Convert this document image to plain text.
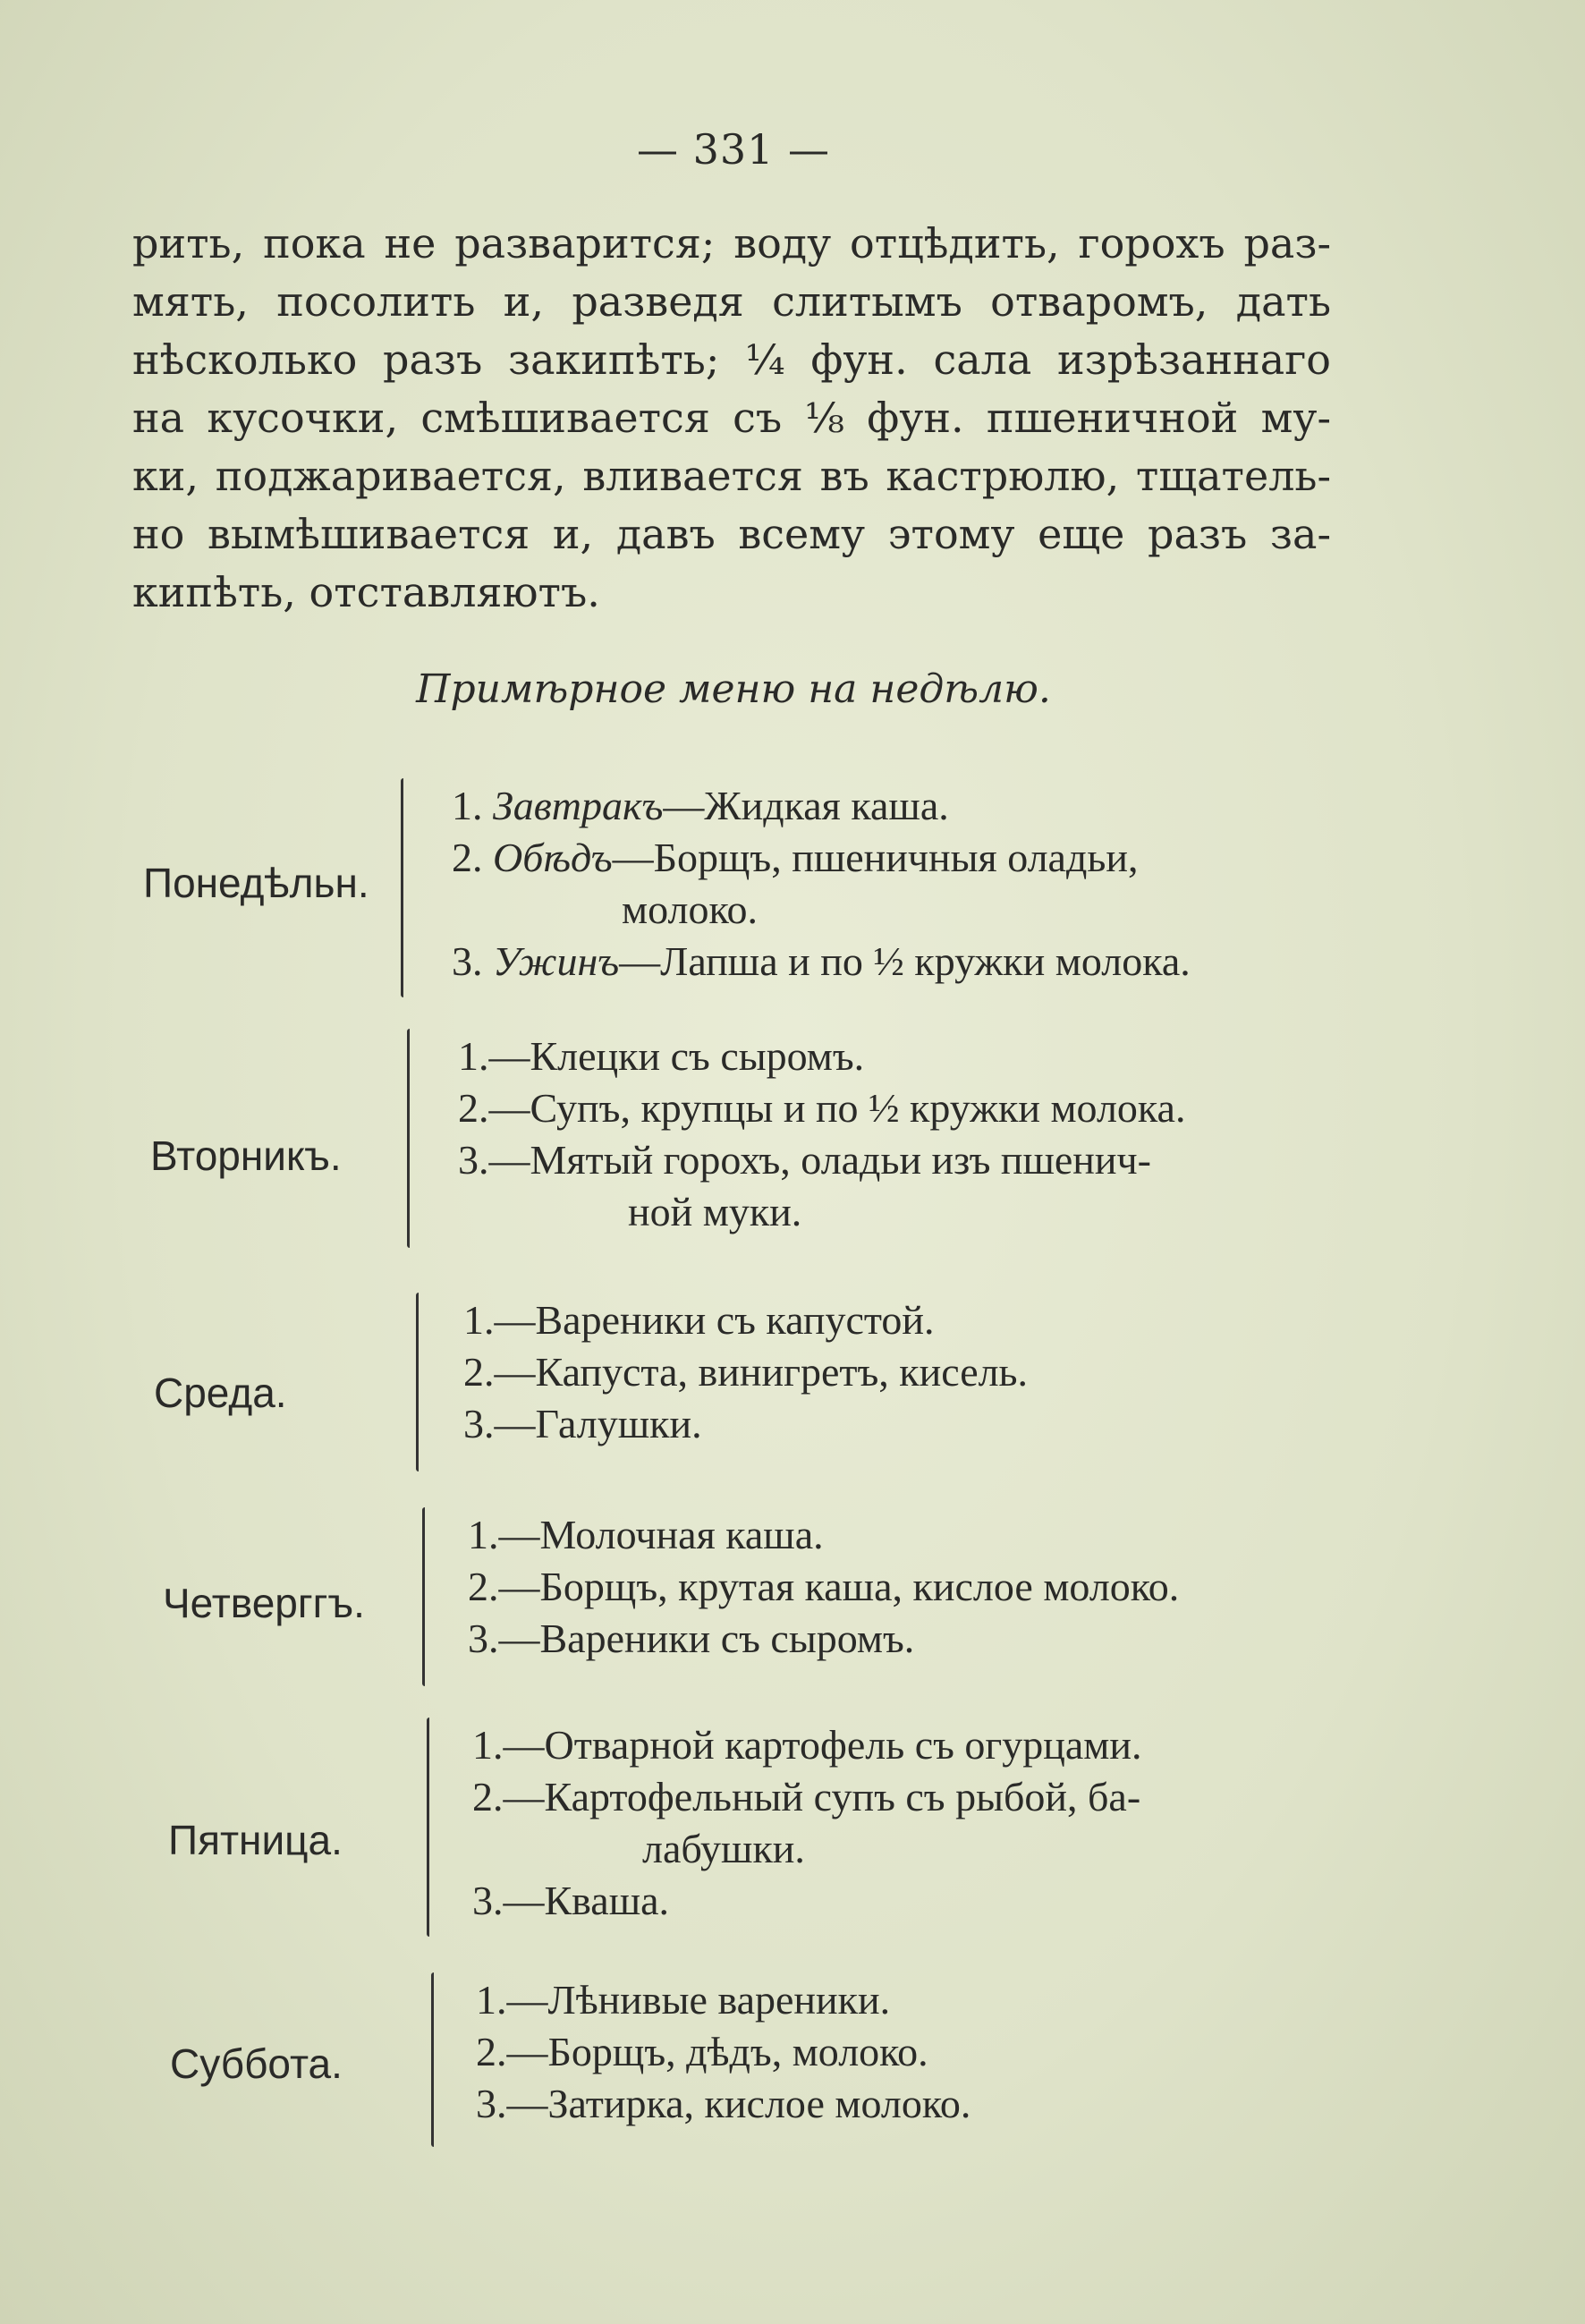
— 331 —
рить, пока не разварится; воду отцѣдить, горохъ раз-
мять, посолить и, разведя слитымъ отваромъ, дать
нѣсколько разъ закипѣть; ¼ фун. сала изрѣзаннаго
на кусочки, смѣшивается съ ⅛ фун. пшеничной му-
ки, поджаривается, вливается въ кастрюлю, тщатель-
но вымѣшивается и, давъ всему этому еще разъ за-
кипѣть, отставляютъ.
Примѣрное меню на недѣлю.
Понедѣльн.
1. Завтракъ—Жидкая каша.
2. Обѣдъ—Борщъ, пшеничныя оладьи,
молоко.
3. Ужинъ—Лапша и по ½ кружки молока.
Вторникъ.
1.—Клецки съ сыромъ.
2.—Супъ, крупцы и по ½ кружки молока.
3.—Мятый горохъ, оладьи изъ пшенич-
ной муки.
Среда.
1.—Вареники съ капустой.
2.—Капуста, винигретъ, кисель.
3.—Галушки.
Четверггъ.
1.—Молочная каша.
2.—Борщъ, крутая каша, кислое молоко.
3.—Вареники съ сыромъ.
Пятница.
1.—Отварной картофель съ огурцами.
2.—Картофельный супъ съ рыбой, ба-
лабушки.
3.—Кваша.
Суббота.
1.—Лѣнивые вареники.
2.—Борщъ, дѣдъ, молоко.
3.—Затирка, кислое молоко.
